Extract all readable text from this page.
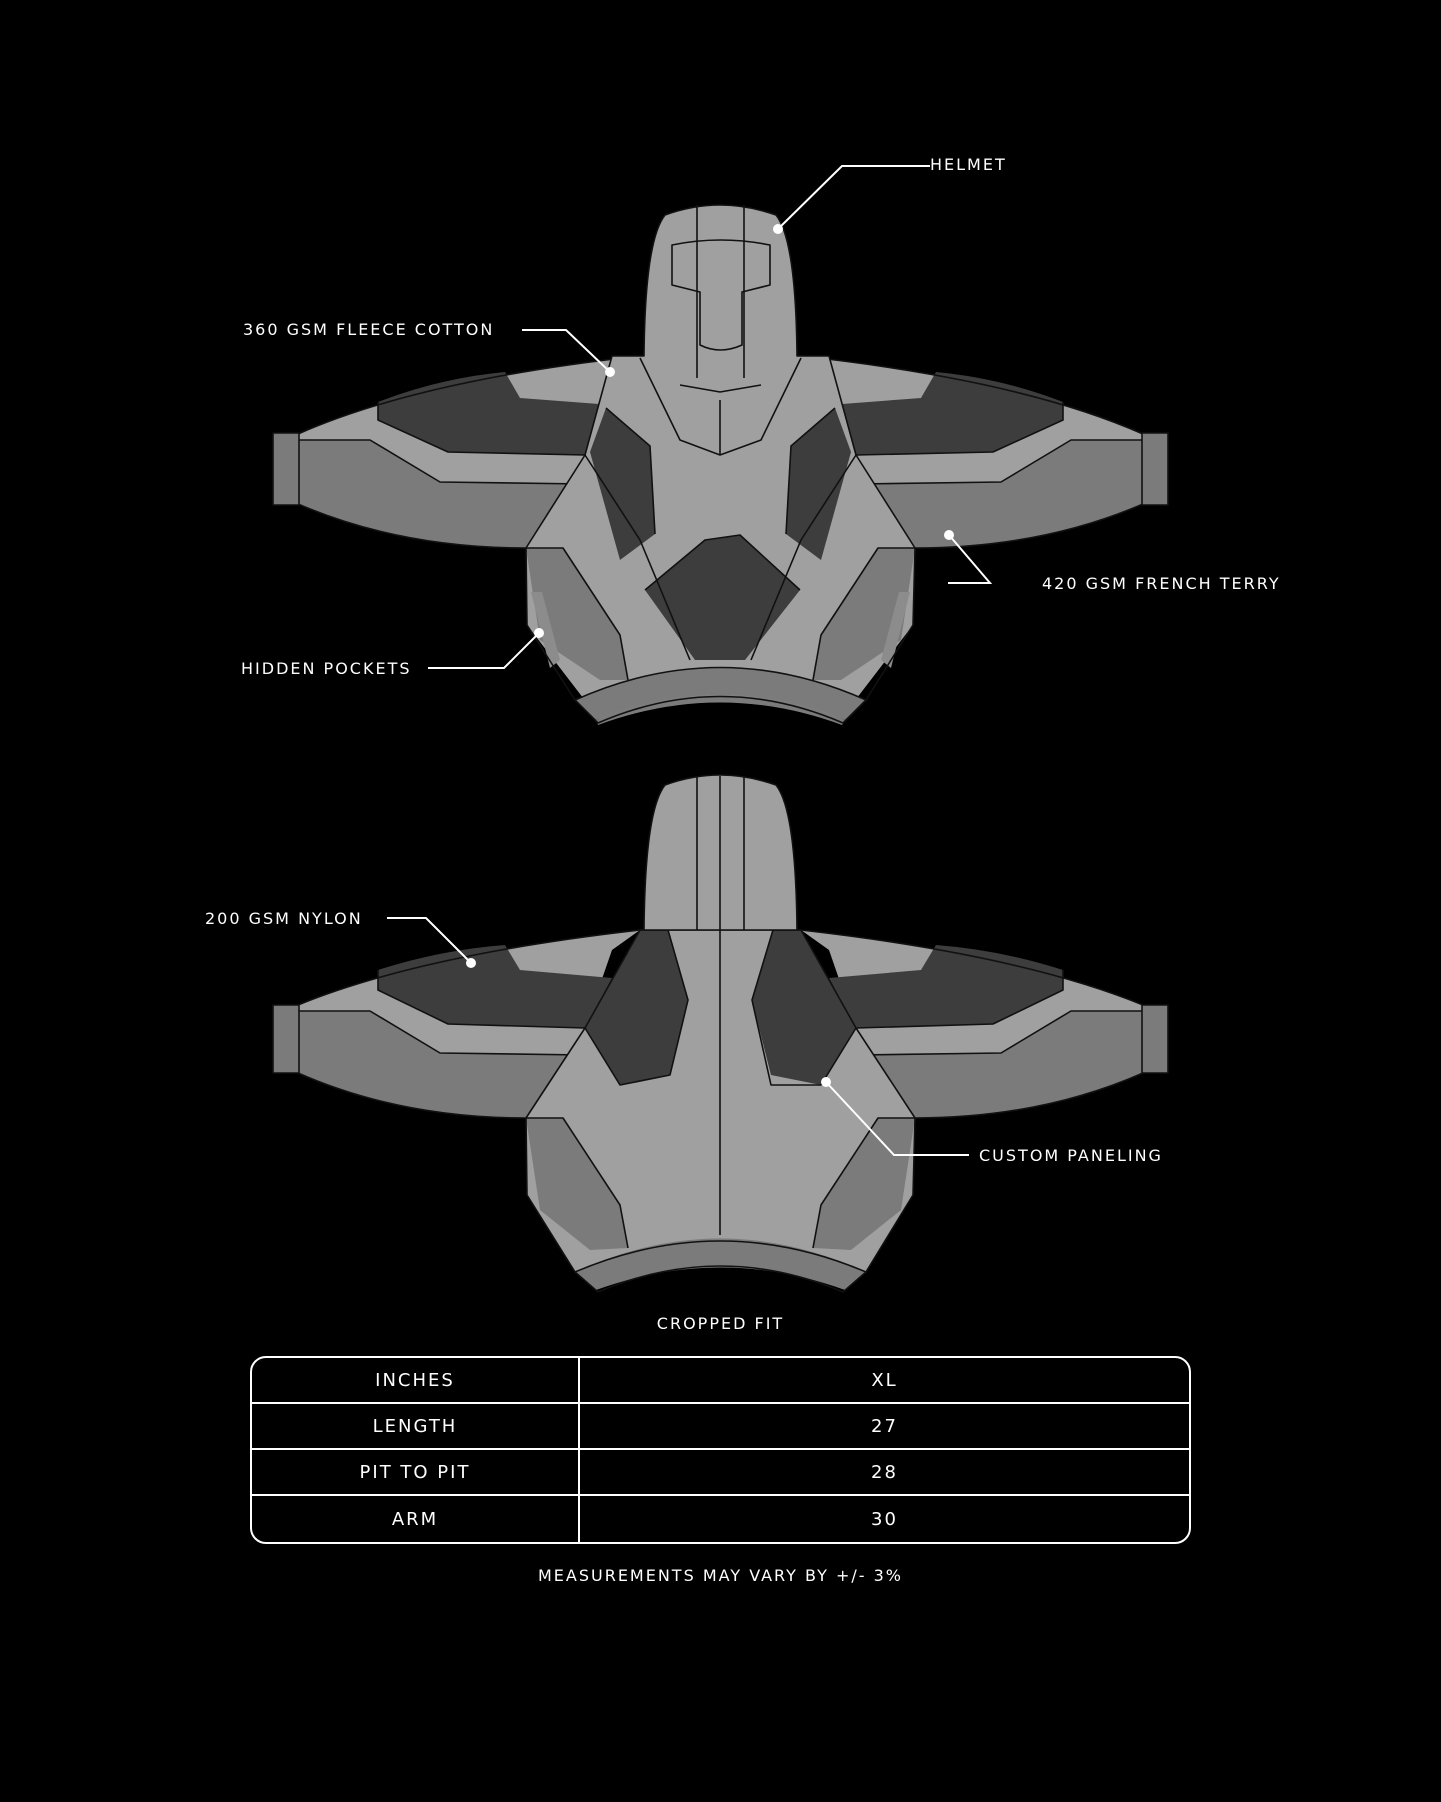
HELMET
360 GSM FLEECE COTTON
420 GSM FRENCH TERRY
HIDDEN POCKETS
200 GSM NYLON
CUSTOM PANELING
CROPPED FIT
INCHES	XL
LENGTH	27
PIT TO PIT	28
ARM	30
MEASUREMENTS MAY VARY BY +/- 3%
